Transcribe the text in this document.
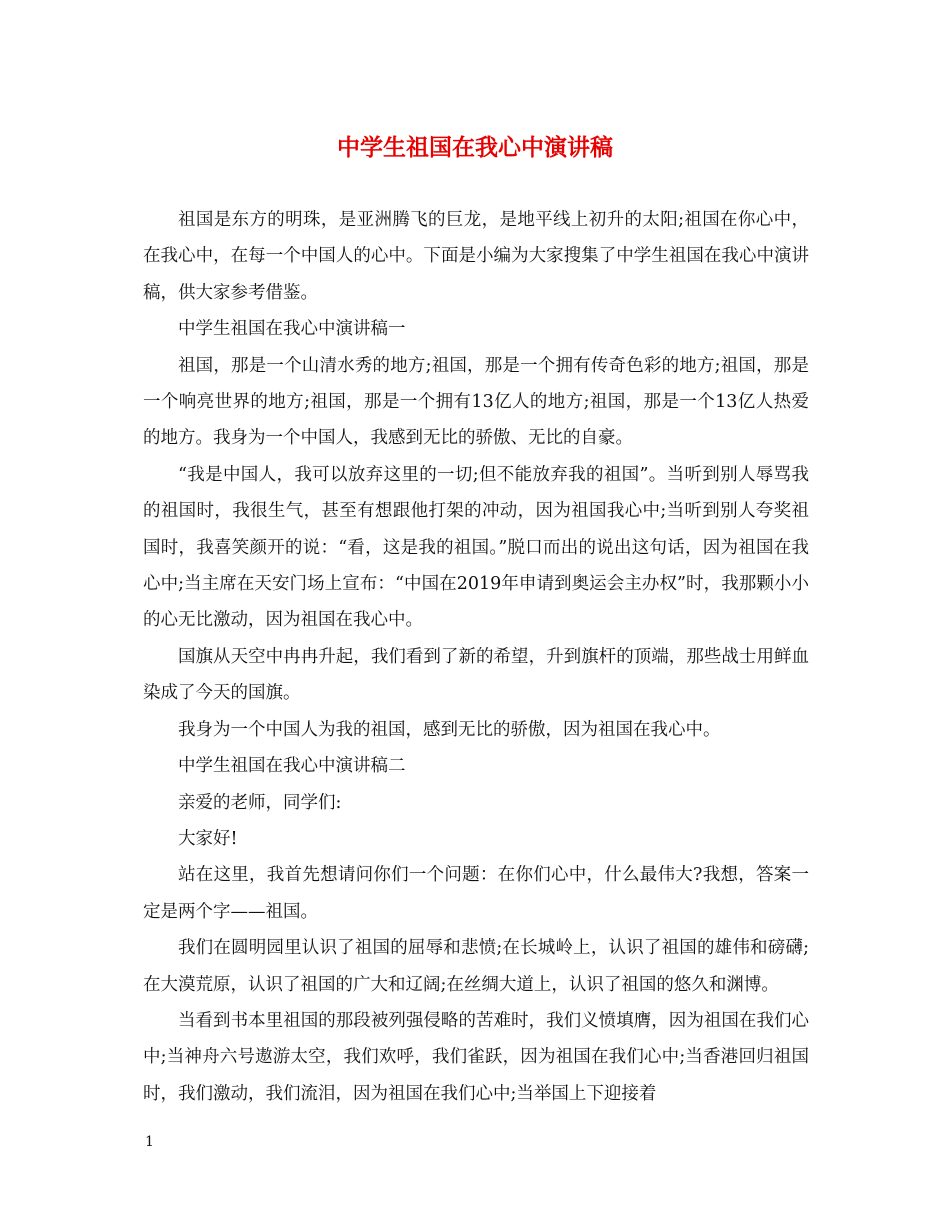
中学生祖国在我心中演讲稿

祖国是东方的明珠，是亚洲腾飞的巨龙，是地平线上初升的太阳;祖国在你心中，在我心中，在每一个中国人的心中。下面是小编为大家搜集了中学生祖国在我心中演讲稿，供大家参考借鉴。

中学生祖国在我心中演讲稿一

祖国，那是一个山清水秀的地方;祖国，那是一个拥有传奇色彩的地方;祖国，那是一个响亮世界的地方;祖国，那是一个拥有13亿人的地方;祖国，那是一个13亿人热爱的地方。我身为一个中国人，我感到无比的骄傲、无比的自豪。

“我是中国人，我可以放弃这里的一切;但不能放弃我的祖国”。当听到别人辱骂我的祖国时，我很生气，甚至有想跟他打架的冲动，因为祖国我心中;当听到别人夸奖祖国时，我喜笑颜开的说：“看，这是我的祖国。”脱口而出的说出这句话，因为祖国在我心中;当主席在天安门场上宣布：“中国在2019年申请到奥运会主办权”时，我那颗小小的心无比激动，因为祖国在我心中。

国旗从天空中冉冉升起，我们看到了新的希望，升到旗杆的顶端，那些战士用鲜血染成了今天的国旗。

我身为一个中国人为我的祖国，感到无比的骄傲，因为祖国在我心中。

中学生祖国在我心中演讲稿二

亲爱的老师，同学们:

大家好!

站在这里，我首先想请问你们一个问题：在你们心中，什么最伟大?我想，答案一定是两个字——祖国。

我们在圆明园里认识了祖国的屈辱和悲愤;在长城岭上，认识了祖国的雄伟和磅礴;在大漠荒原，认识了祖国的广大和辽阔;在丝绸大道上，认识了祖国的悠久和渊博。

当看到书本里祖国的那段被列强侵略的苦难时，我们义愤填膺，因为祖国在我们心中;当神舟六号遨游太空，我们欢呼，我们雀跃，因为祖国在我们心中;当香港回归祖国时，我们激动，我们流泪，因为祖国在我们心中;当举国上下迎接着

1
